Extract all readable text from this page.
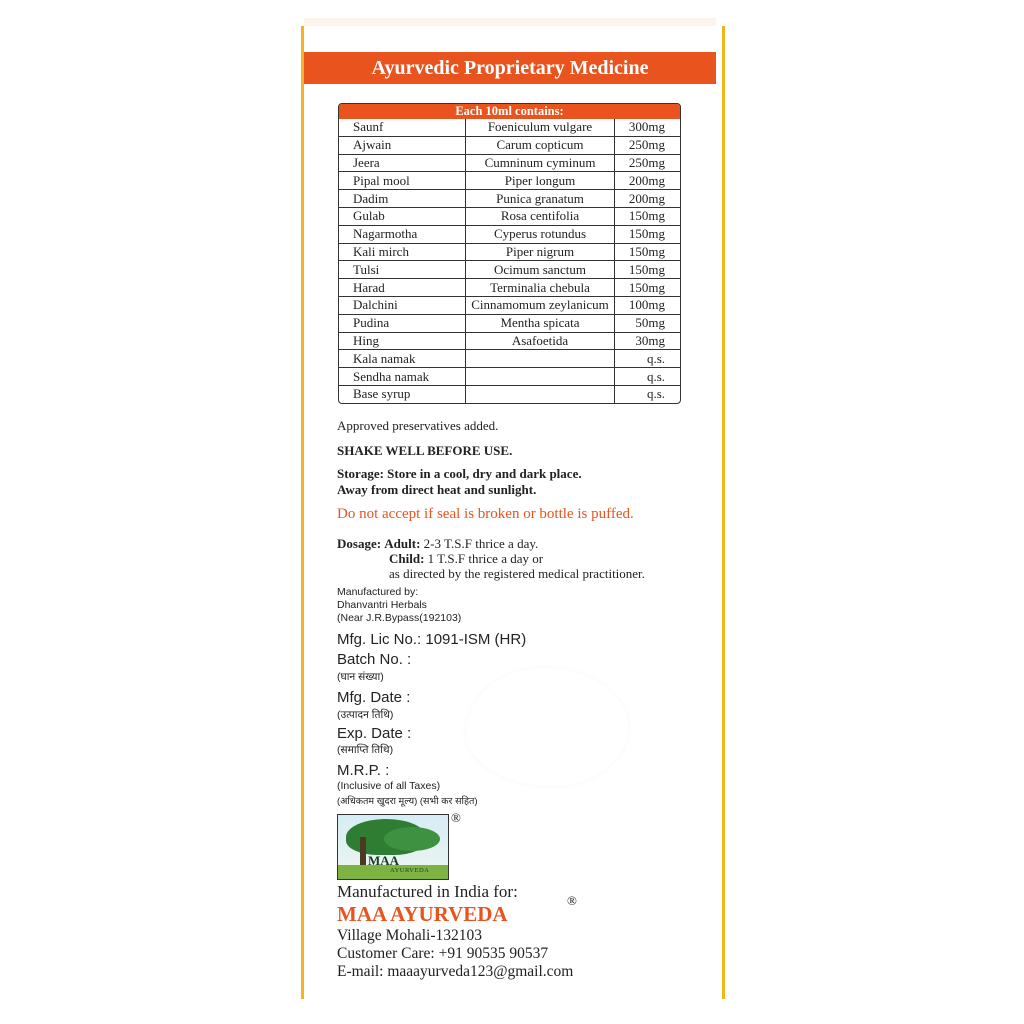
Ayurvedic Proprietary Medicine
Each 10ml contains:
Saunf	Foeniculum vulgare	300mg
Ajwain	Carum copticum	250mg
Jeera	Cumninum cyminum	250mg
Pipal mool	Piper longum	200mg
Dadim	Punica granatum	200mg
Gulab	Rosa centifolia	150mg
Nagarmotha	Cyperus rotundus	150mg
Kali mirch	Piper nigrum	150mg
Tulsi	Ocimum sanctum	150mg
Harad	Terminalia chebula	150mg
Dalchini	Cinnamomum zeylanicum	100mg
Pudina	Mentha spicata	50mg
Hing	Asafoetida	30mg
Kala namak		q.s.
Sendha namak		q.s.
Base syrup		q.s.
Approved preservatives added.
SHAKE WELL BEFORE USE.
Storage: Store in a cool, dry and dark place.
Away from direct heat and sunlight.
Do not accept if seal is broken or bottle is puffed.
Dosage: Adult: 2-3 T.S.F thrice a day.
Child: 1 T.S.F thrice a day or
as directed by the registered medical practitioner.
Manufactured by:
Dhanvantri Herbals
(Near J.R.Bypass(192103)
Mfg. Lic No.: 1091-ISM (HR)
Batch No. :
(घान संख्या)
Mfg. Date :
(उत्पादन तिथि)
Exp. Date :
(समाप्ति तिथि)
M.R.P. :
(Inclusive of all Taxes)
(अधिकतम खुदरा मूल्य) (सभी कर सहित)
MAA
AYURVEDA
®
Manufactured in India for:
MAA AYURVEDA
®
Village Mohali-132103
Customer Care: +91 90535 90537
E-mail: maaayurveda123@gmail.com
